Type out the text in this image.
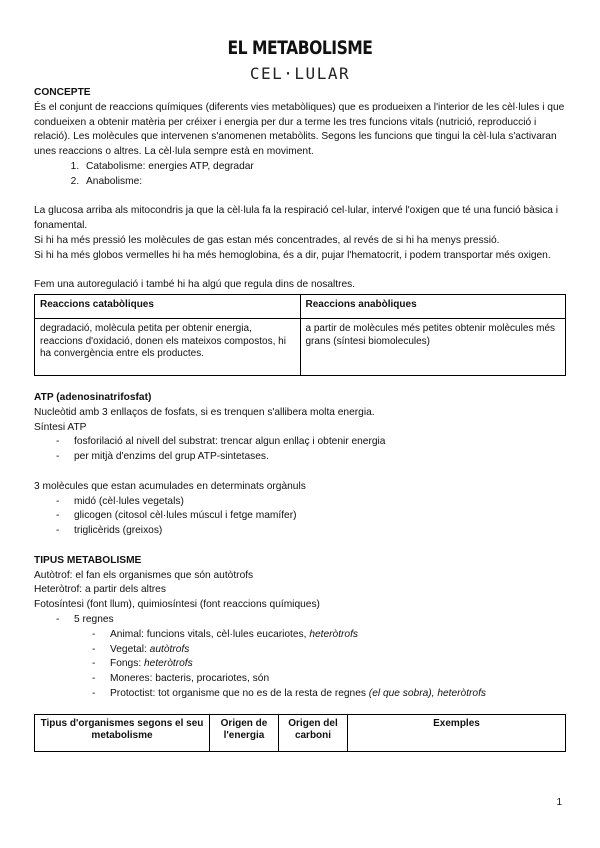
EL METABOLISME
CEL·LULAR

CONCEPTE

És el conjunt de reaccions químiques (diferents vies metabòliques) que es produeixen a l'interior de les cèl·lules i que condueixen a obtenir matèria per créixer i energia per dur a terme les tres funcions vitals (nutrició, reproducció i relació). Les molècules que intervenen s'anomenen metabòlits. Segons les funcions que tingui la cèl·lula s'activaran unes reaccions o altres. La cèl·lula sempre està en moviment.

1. Catabolisme: energies ATP, degradar
2. Anabolisme:

La glucosa arriba als mitocondris ja que la cèl·lula fa la respiració cel·lular, intervé l'oxigen que té una funció bàsica i fonamental.

Si hi ha més pressió les molècules de gas estan més concentrades, al revés de si hi ha menys pressió.

Si hi ha més globos vermelles hi ha més hemoglobina, és a dir, pujar l'hematocrit, i podem transportar més oxigen.

Fem una autoregulació i també hi ha algú que regula dins de nosaltres.

Reaccions catabòliques	Reaccions anabòliques
degradació, molècula petita per obtenir energia, reaccions d'oxidació, donen els mateixos compostos, hi ha convergència entre els productes.	a partir de molècules més petites obtenir molècules més grans (síntesi biomolecules)

ATP (adenosinatrifosfat)

Nucleòtid amb 3 enllaços de fosfats, si es trenquen s'allibera molta energia.

Síntesi ATP

- fosforilació al nivell del substrat: trencar algun enllaç i obtenir energia
- per mitjà d'enzims del grup ATP-sintetases.

3 molècules que estan acumulades en determinats orgànuls

- midó (cèl·lules vegetals)
- glicogen (citosol cèl·lules múscul i fetge mamífer)
- triglicèrids (greixos)

TIPUS METABOLISME

Autòtrof: el fan els organismes que són autòtrofs

Heteròtrof: a partir dels altres

Fotosíntesi (font llum), quimiosíntesi (font reaccions químiques)

- 5 regnes
- Animal: funcions vitals, cèl·lules eucariotes, heteròtrofs
- Vegetal: autòtrofs
- Fongs: heteròtrofs
- Moneres: bacteris, procariotes, són
- Protoctist: tot organisme que no es de la resta de regnes (el que sobra), heteròtrofs
Tipus d'organismes segons el seu metabolisme	Origen de l'energia	Origen del carboni	Exemples
1
